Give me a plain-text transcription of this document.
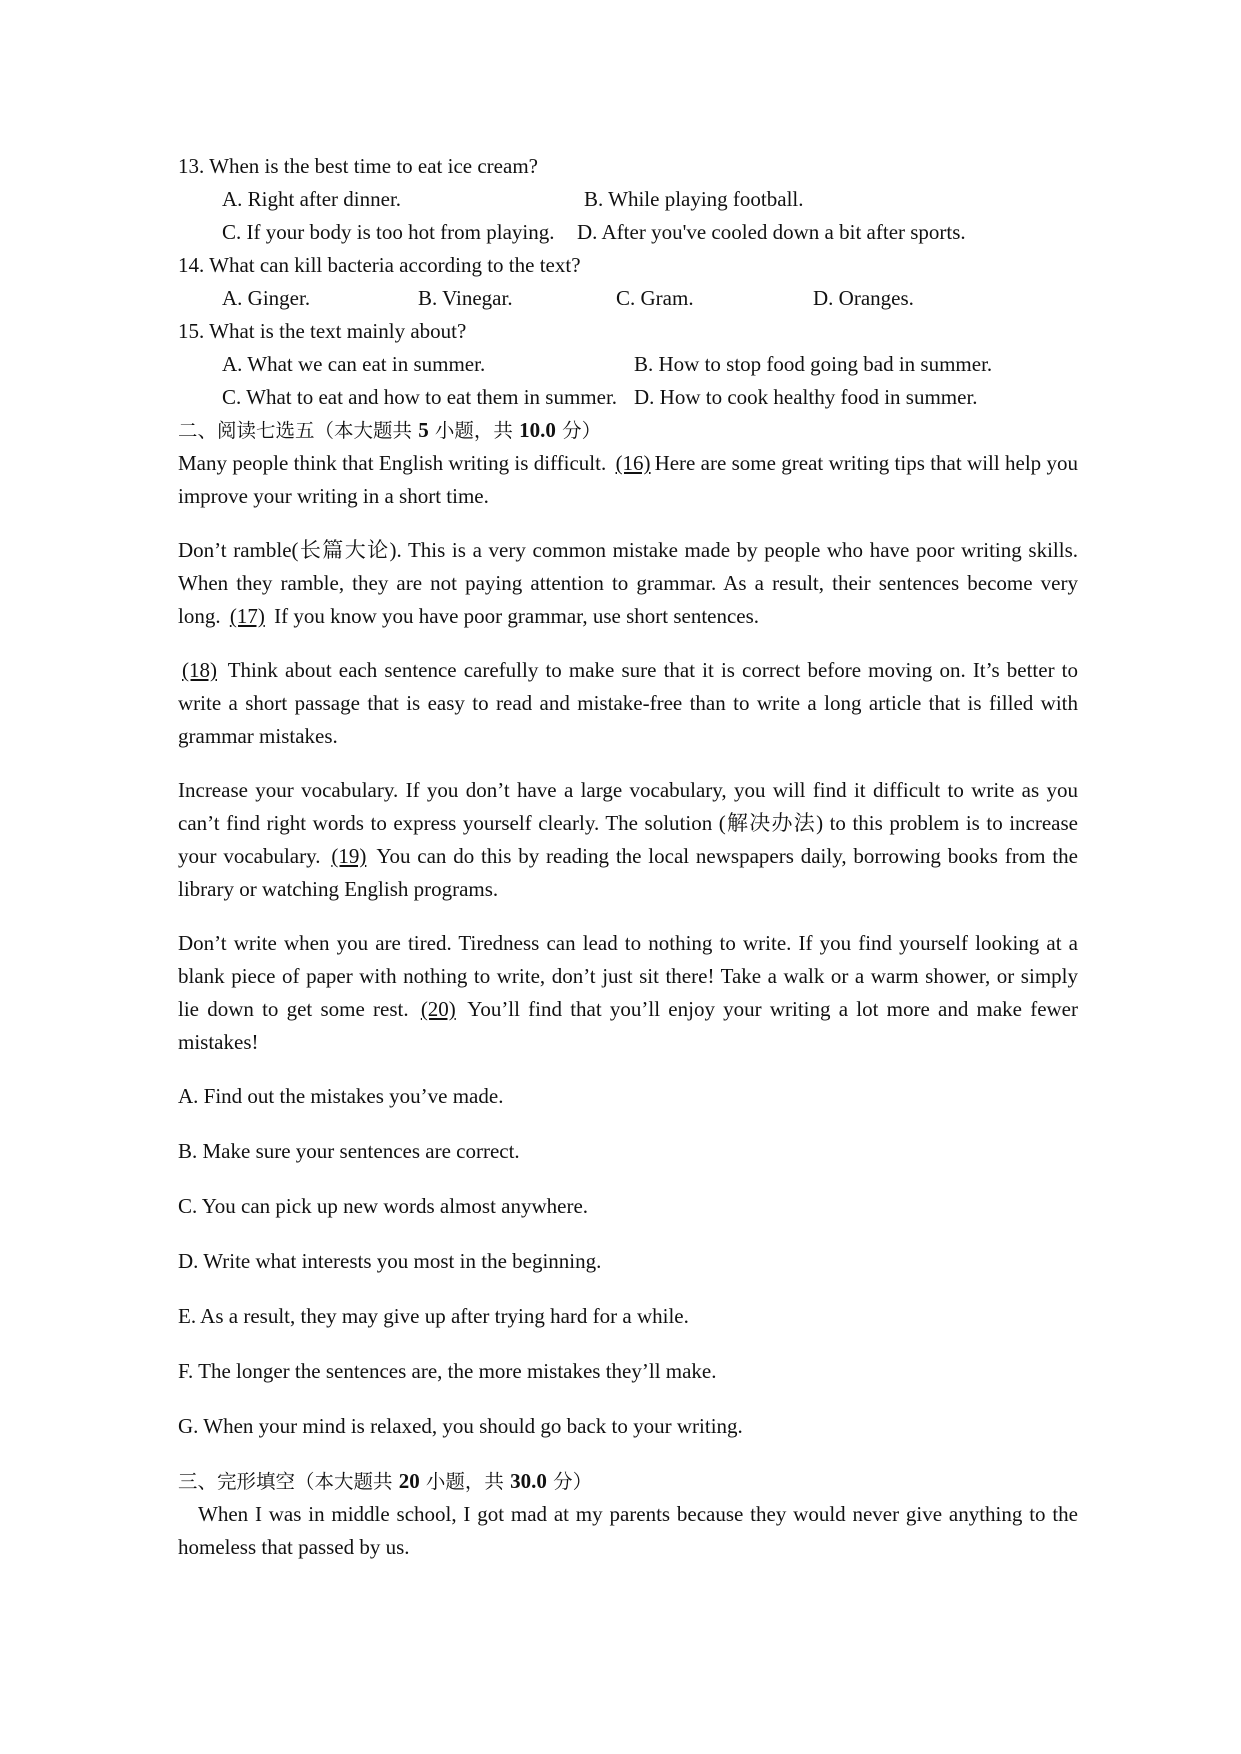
13. When is the best time to eat ice cream?

A. Right after dinner.	B. While playing football.
C. If your body is too hot from playing.	D. After you've cooled down a bit after sports.

14. What can kill bacteria according to the text?

A. Ginger.	B. Vinegar.	C. Gram.	D. Oranges.

15. What is the text mainly about?

A. What we can eat in summer.	B. How to stop food going bad in summer.
C. What to eat and how to eat them in summer. D. How to cook healthy food in summer.

二、阅读七选五（本大题共 5 小题，共 10.0 分）

Many people think that English writing is difficult. (16) Here are some great writing tips that will help you improve your writing in a short time.

Don’t ramble(长篇大论). This is a very common mistake made by people who have poor writing skills. When they ramble, they are not paying attention to grammar. As a result, their sentences become very long. (17) If you know you have poor grammar, use short sentences.

(18) Think about each sentence carefully to make sure that it is correct before moving on. It’s better to write a short passage that is easy to read and mistake-free than to write a long article that is filled with grammar mistakes.

Increase your vocabulary. If you don’t have a large vocabulary, you will find it difficult to write as you can’t find right words to express yourself clearly. The solution (解决办法) to this problem is to increase your vocabulary. (19) You can do this by reading the local newspapers daily, borrowing books from the library or watching English programs.

Don’t write when you are tired. Tiredness can lead to nothing to write. If you find yourself looking at a blank piece of paper with nothing to write, don’t just sit there! Take a walk or a warm shower, or simply lie down to get some rest. (20) You’ll find that you’ll enjoy your writing a lot more and make fewer mistakes!

A. Find out the mistakes you’ve made.

B. Make sure your sentences are correct.

C. You can pick up new words almost anywhere.

D. Write what interests you most in the beginning.

E. As a result, they may give up after trying hard for a while.

F. The longer the sentences are, the more mistakes they’ll make.

G. When your mind is relaxed, you should go back to your writing.

三、完形填空（本大题共 20 小题，共 30.0 分）

When I was in middle school, I got mad at my parents because they would never give anything to the homeless that passed by us.
